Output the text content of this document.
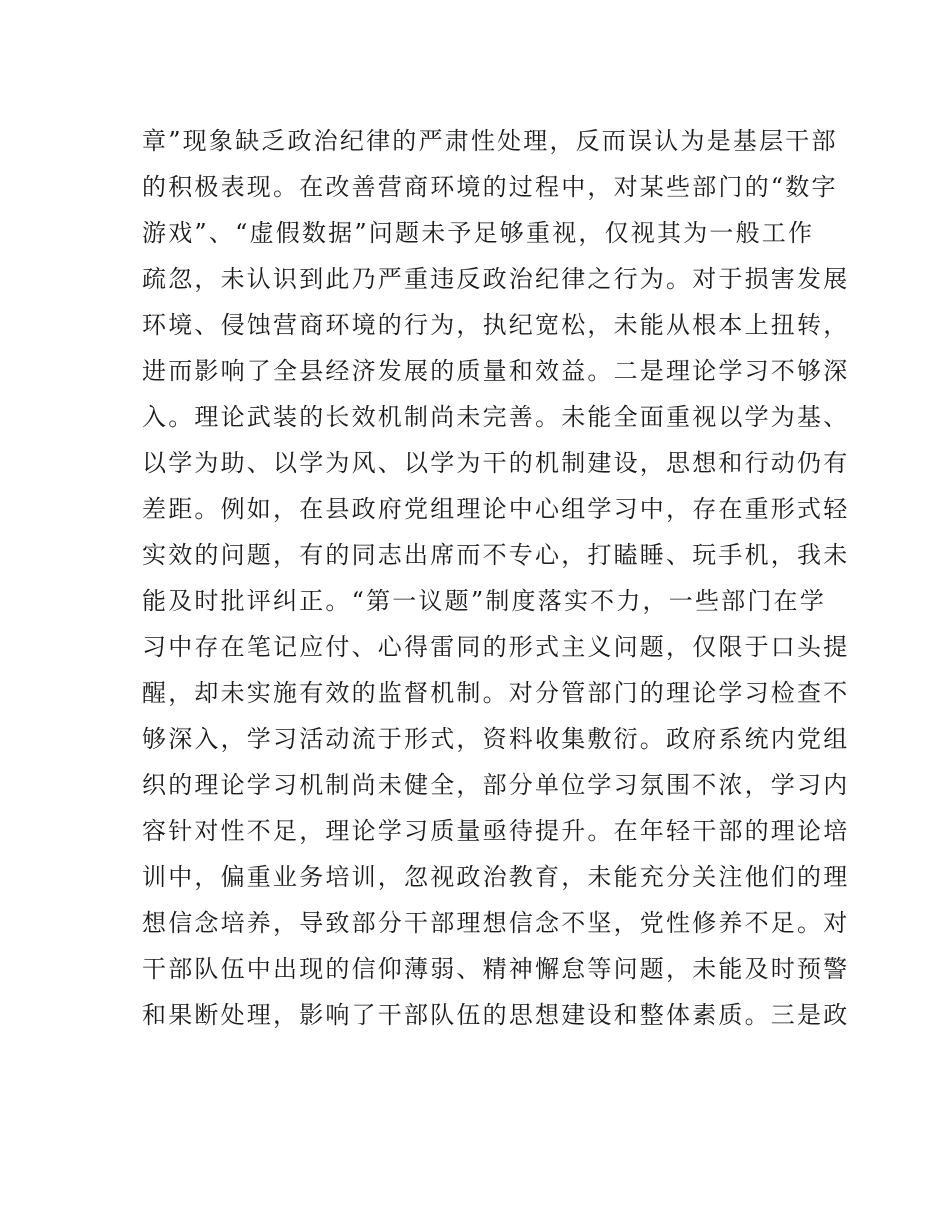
章”现象缺乏政治纪律的严肃性处理，反而误认为是基层干部
的积极表现。在改善营商环境的过程中，对某些部门的“数字
游戏”、“虚假数据”问题未予足够重视，仅视其为一般工作
疏忽，未认识到此乃严重违反政治纪律之行为。对于损害发展
环境、侵蚀营商环境的行为，执纪宽松，未能从根本上扭转，
进而影响了全县经济发展的质量和效益。二是理论学习不够深
入。理论武装的长效机制尚未完善。未能全面重视以学为基、
以学为助、以学为风、以学为干的机制建设，思想和行动仍有
差距。例如，在县政府党组理论中心组学习中，存在重形式轻
实效的问题，有的同志出席而不专心，打瞌睡、玩手机，我未
能及时批评纠正。“第一议题”制度落实不力，一些部门在学
习中存在笔记应付、心得雷同的形式主义问题，仅限于口头提
醒，却未实施有效的监督机制。对分管部门的理论学习检查不
够深入，学习活动流于形式，资料收集敷衍。政府系统内党组
织的理论学习机制尚未健全，部分单位学习氛围不浓，学习内
容针对性不足，理论学习质量亟待提升。在年轻干部的理论培
训中，偏重业务培训，忽视政治教育，未能充分关注他们的理
想信念培养，导致部分干部理想信念不坚，党性修养不足。对
干部队伍中出现的信仰薄弱、精神懈怠等问题，未能及时预警
和果断处理，影响了干部队伍的思想建设和整体素质。三是政
